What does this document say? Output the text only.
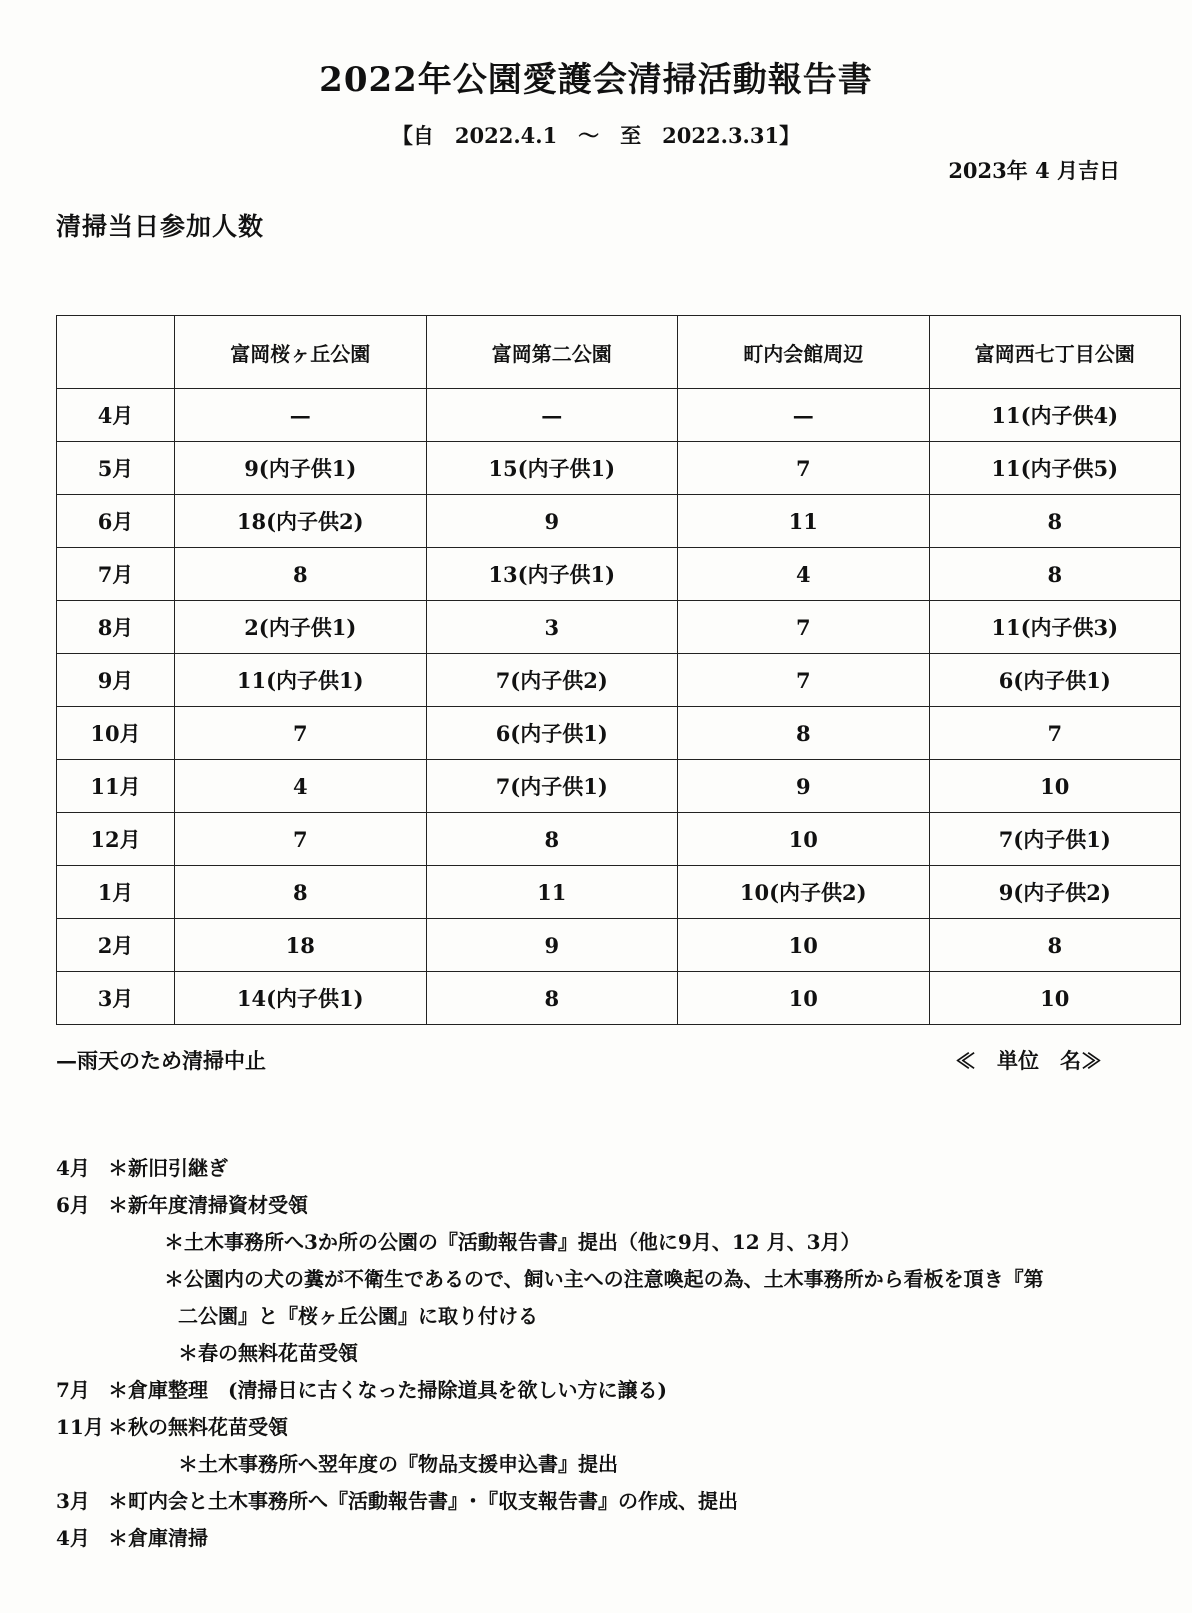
2022年公園愛護会清掃活動報告書
【自　2022.4.1　～　至　2022.3.31】
2023年 4 月吉日
清掃当日参加人数
	富岡桜ヶ丘公園	富岡第二公園	町内会館周辺	富岡西七丁目公園
4月	—	—	—	11(内子供4)
5月	9(内子供1)	15(内子供1)	7	11(内子供5)
6月	18(内子供2)	9	11	8
7月	8	13(内子供1)	4	8
8月	2(内子供1)	3	7	11(内子供3)
9月	11(内子供1)	7(内子供2)	7	6(内子供1)
10月	7	6(内子供1)	8	7
11月	4	7(内子供1)	9	10
12月	7	8	10	7(内子供1)
1月	8	11	10(内子供2)	9(内子供2)
2月	18	9	10	8
3月	14(内子供1)	8	10	10
—雨天のため清掃中止	≪　単位　名≫
4月 ＊新旧引継ぎ
6月 ＊新年度清掃資材受領
＊土木事務所へ3か所の公園の『活動報告書』提出（他に9月、12 月、3月）
＊公園内の犬の糞が不衛生であるので、飼い主への注意喚起の為、土木事務所から看板を頂き『第
二公園』と『桜ヶ丘公園』に取り付ける
＊春の無料花苗受領
7月 ＊倉庫整理　(清掃日に古くなった掃除道具を欲しい方に譲る)
11月 ＊秋の無料花苗受領
＊土木事務所へ翌年度の『物品支援申込書』提出
3月 ＊町内会と土木事務所へ『活動報告書』･『収支報告書』の作成、提出
4月 ＊倉庫清掃
